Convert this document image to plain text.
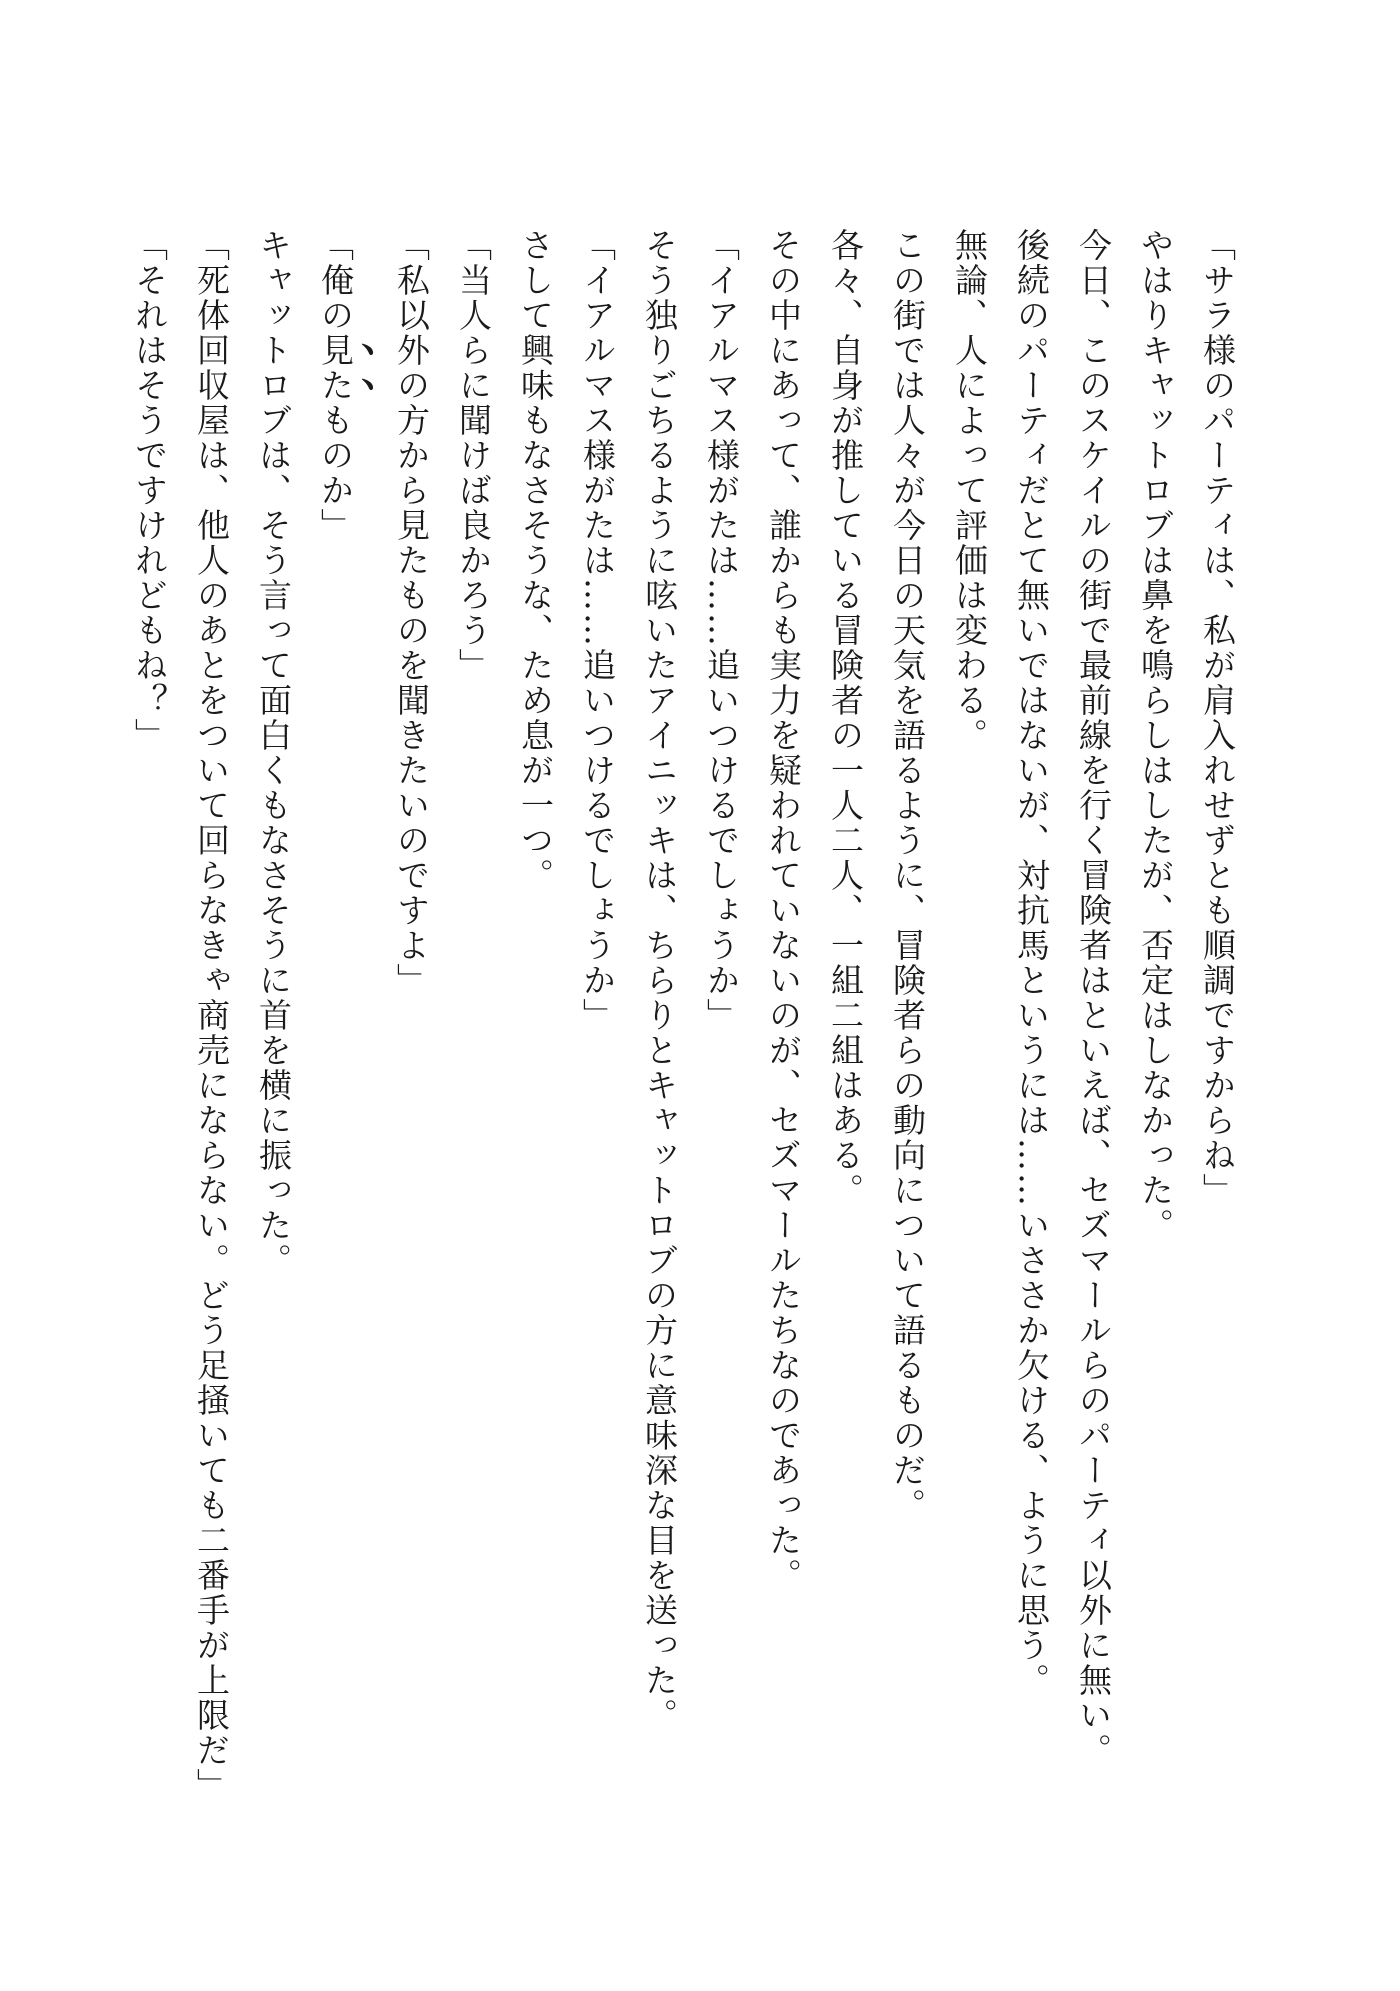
「サラ様のパーティは、私が肩入れせずとも順調ですからね」
やはりキャットロブは鼻を鳴らしはしたが、否定はしなかった。
今日、このスケイルの街で最前線を行く冒険者はといえば、セズマールらのパーティ以外に無い。
後続のパーティだとて無いではないが、対抗馬というには……いささか欠ける、ように思う。
無論、人によって評価は変わる。
この街では人々が今日の天気を語るように、冒険者らの動向について語るものだ。
各々、自身が推している冒険者の一人二人、一組二組はある。
その中にあって、誰からも実力を疑われていないのが、セズマールたちなのであった。
「イアルマス様がたは……追いつけるでしょうか」
そう独りごちるように呟いたアイニッキは、ちらりとキャットロブの方に意味深な目を送った。
「イアルマス様がたは……追いつけるでしょうか」
さして興味もなさそうな、ため息が一つ。
「当人らに聞けば良かろう」
「私以外の方から見たものを聞きたいのですよ」
「俺の見たものか」
キャットロブは、そう言って面白くもなさそうに首を横に振った。
「死体回収屋は、他人のあとをついて回らなきゃ商売にならない。どう足掻いても二番手が上限だ」
「それはそうですけれどもね？」
